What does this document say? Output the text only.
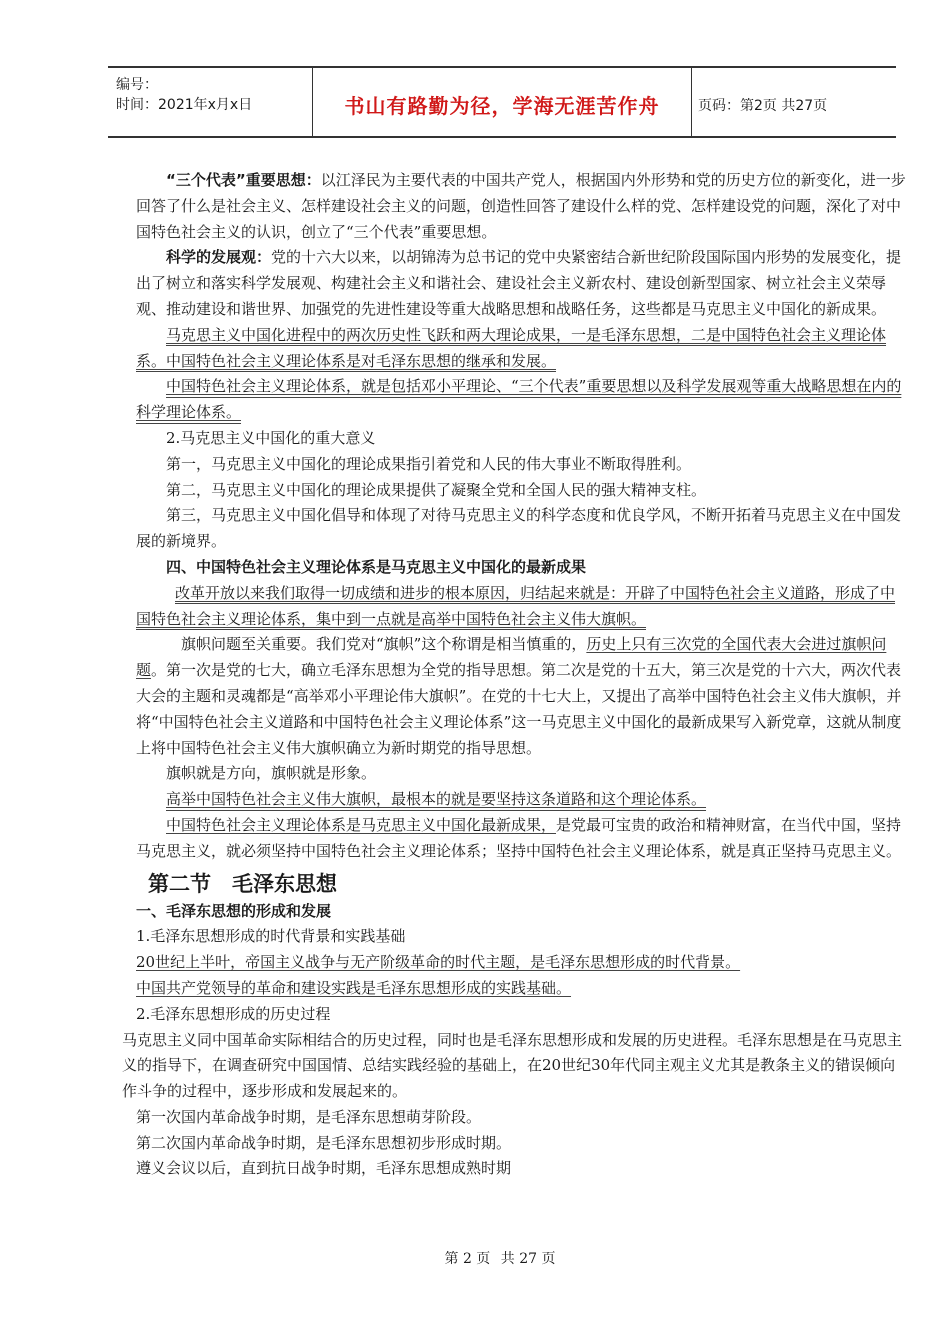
编号：
时间：2021年x月x日	书山有路勤为径，学海无涯苦作舟	页码：第2页 共27页

“三个代表”重要思想：以江泽民为主要代表的中国共产党人，根据国内外形势和党的历史方位的新变化，进一步回答了什么是社会主义、怎样建设社会主义的问题，创造性回答了建设什么样的党、怎样建设党的问题，深化了对中国特色社会主义的认识，创立了“三个代表”重要思想。

科学的发展观：党的十六大以来，以胡锦涛为总书记的党中央紧密结合新世纪阶段国际国内形势的发展变化，提出了树立和落实科学发展观、构建社会主义和谐社会、建设社会主义新农村、建设创新型国家、树立社会主义荣辱观、推动建设和谐世界、加强党的先进性建设等重大战略思想和战略任务，这些都是马克思主义中国化的新成果。

马克思主义中国化进程中的两次历史性飞跃和两大理论成果，一是毛泽东思想，二是中国特色社会主义理论体系。中国特色社会主义理论体系是对毛泽东思想的继承和发展。

中国特色社会主义理论体系，就是包括邓小平理论、“三个代表”重要思想以及科学发展观等重大战略思想在内的科学理论体系。

2.马克思主义中国化的重大意义

第一，马克思主义中国化的理论成果指引着党和人民的伟大事业不断取得胜利。

第二，马克思主义中国化的理论成果提供了凝聚全党和全国人民的强大精神支柱。

第三，马克思主义中国化倡导和体现了对待马克思主义的科学态度和优良学风，不断开拓着马克思主义在中国发展的新境界。

四、中国特色社会主义理论体系是马克思主义中国化的最新成果

改革开放以来我们取得一切成绩和进步的根本原因，归结起来就是：开辟了中国特色社会主义道路，形成了中国特色社会主义理论体系，集中到一点就是高举中国特色社会主义伟大旗帜。

旗帜问题至关重要。我们党对“旗帜”这个称谓是相当慎重的，历史上只有三次党的全国代表大会进过旗帜问题。第一次是党的七大，确立毛泽东思想为全党的指导思想。第二次是党的十五大，第三次是党的十六大，两次代表大会的主题和灵魂都是“高举邓小平理论伟大旗帜”。在党的十七大上，又提出了高举中国特色社会主义伟大旗帜，并将“中国特色社会主义道路和中国特色社会主义理论体系”这一马克思主义中国化的最新成果写入新党章，这就从制度上将中国特色社会主义伟大旗帜确立为新时期党的指导思想。

旗帜就是方向，旗帜就是形象。

高举中国特色社会主义伟大旗帜，最根本的就是要坚持这条道路和这个理论体系。

中国特色社会主义理论体系是马克思主义中国化最新成果，是党最可宝贵的政治和精神财富，在当代中国，坚持马克思主义，就必须坚持中国特色社会主义理论体系；坚持中国特色社会主义理论体系，就是真正坚持马克思主义。

第二节　毛泽东思想

一、毛泽东思想的形成和发展

1.毛泽东思想形成的时代背景和实践基础

20世纪上半叶，帝国主义战争与无产阶级革命的时代主题，是毛泽东思想形成的时代背景。

中国共产党领导的革命和建设实践是毛泽东思想形成的实践基础。

2.毛泽东思想形成的历史过程

马克思主义同中国革命实际相结合的历史过程，同时也是毛泽东思想形成和发展的历史进程。毛泽东思想是在马克思主义的指导下，在调查研究中国国情、总结实践经验的基础上，在20世纪30年代同主观主义尤其是教条主义的错误倾向作斗争的过程中，逐步形成和发展起来的。

第一次国内革命战争时期，是毛泽东思想萌芽阶段。

第二次国内革命战争时期，是毛泽东思想初步形成时期。

遵义会议以后，直到抗日战争时期，毛泽东思想成熟时期

第 2 页 共 27 页
